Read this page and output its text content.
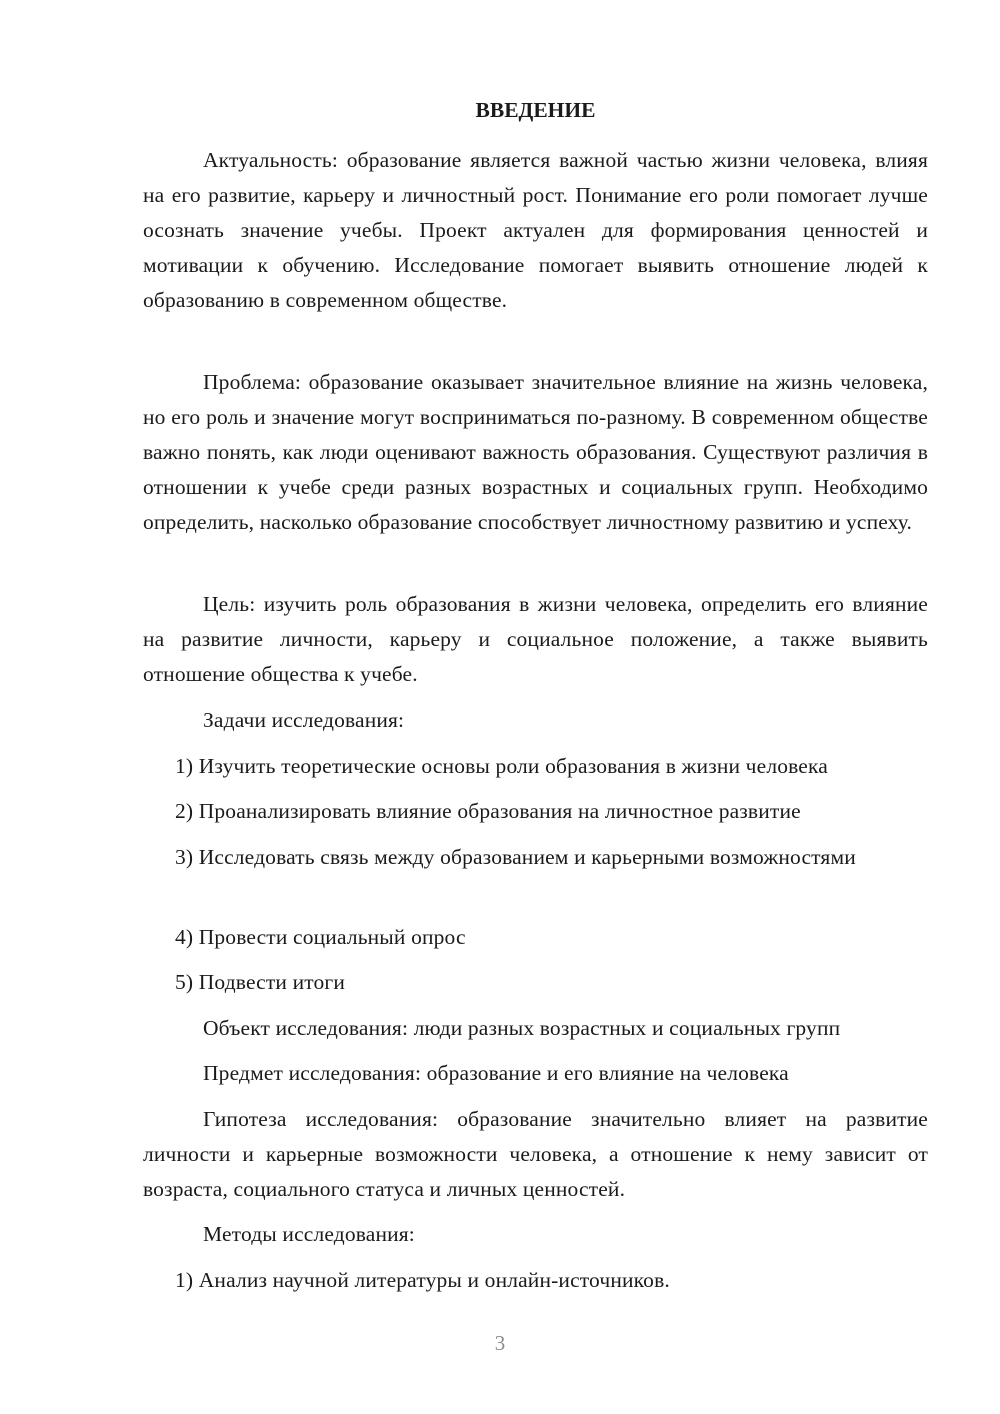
ВВЕДЕНИЕ

Актуальность: образование является важной частью жизни человека, влияя на его развитие, карьеру и личностный рост. Понимание его роли помогает лучше осознать значение учебы. Проект актуален для формирования ценностей и мотивации к обучению. Исследование помогает выявить отношение людей к образованию в современном обществе.

Проблема: образование оказывает значительное влияние на жизнь человека, но его роль и значение могут восприниматься по-разному. В современном обществе важно понять, как люди оценивают важность образования. Существуют различия в отношении к учебе среди разных возрастных и социальных групп. Необходимо определить, насколько образование способствует личностному развитию и успеху.

Цель: изучить роль образования в жизни человека, определить его влияние на развитие личности, карьеру и социальное положение, а также выявить отношение общества к учебе.

Задачи исследования:

1) Изучить теоретические основы роли образования в жизни человека

2) Проанализировать влияние образования на личностное развитие

3) Исследовать связь между образованием и карьерными возможностями

4) Провести социальный опрос

5) Подвести итоги

Объект исследования: люди разных возрастных и социальных групп

Предмет исследования: образование и его влияние на человека

Гипотеза исследования: образование значительно влияет на развитие личности и карьерные возможности человека, а отношение к нему зависит от возраста, социального статуса и личных ценностей.

Методы исследования:

1) Анализ научной литературы и онлайн-источников.

3
